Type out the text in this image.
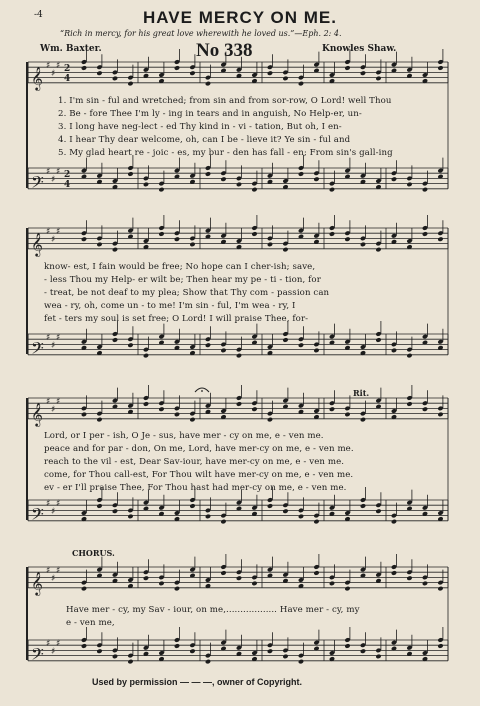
-4	HAVE MERCY ON ME.
“Rich in mercy, for his great love wherewith he loved us.”—Eph. 2: 4.
Wm. Baxter.	No 338	Knowles Shaw.
𝄞 ♯
♯
♯
𝄢 ♯
♯
♯
𝄞 ♯
♯
♯
𝄢 ♯
♯
♯
𝄞 ♯
♯
♯
𝄢 ♯
♯
♯
𝄞 ♯
♯
♯
𝄢 ♯
♯
♯
2
4
2
4
1. I'm sin - ful and wretched; from sin and from sor-row, O Lord! well Thou
2. Be - fore Thee I'm ly - ing in tears and in anguish, No Help-er, un-
3. I long have neg-lect - ed Thy kind in - vi - tation, But oh, I en-
4. I hear Thy dear welcome, oh, can I be - lieve it? Ye sin - ful and
5. My glad heart re - joic - es, my bur - den has fall - en; From sin's gall-ing
know- est, I fain would be free; No hope can I cher-ish; save,
- less Thou my Help- er wilt be; Then hear my pe - ti - tion, for
- treat, be not deaf to my plea; Show that Thy com - passion can
wea - ry, oh, come un - to me! I'm sin - ful, I'm wea - ry, I
fet - ters my soul is set free; O Lord! I will praise Thee, for-
Lord, or I per - ish, O Je - sus, have mer - cy on me, e - ven me.
peace and for par - don, On me, Lord, have mer-cy on me, e - ven me.
reach to the vil - est, Dear Sav-iour, have mer-cy on me, e - ven me.
come, for Thou call-est, For Thou wilt have mer-cy on me, e - ven me.
ev - er I'll praise Thee, For Thou hast had mer-cy on me, e - ven me.
Have mer - cy, my Sav - iour, on me,.................. Have mer - cy, my
e - ven me,
Rit.
CHORUS.
Used by permission — — —, owner of Copyright.
